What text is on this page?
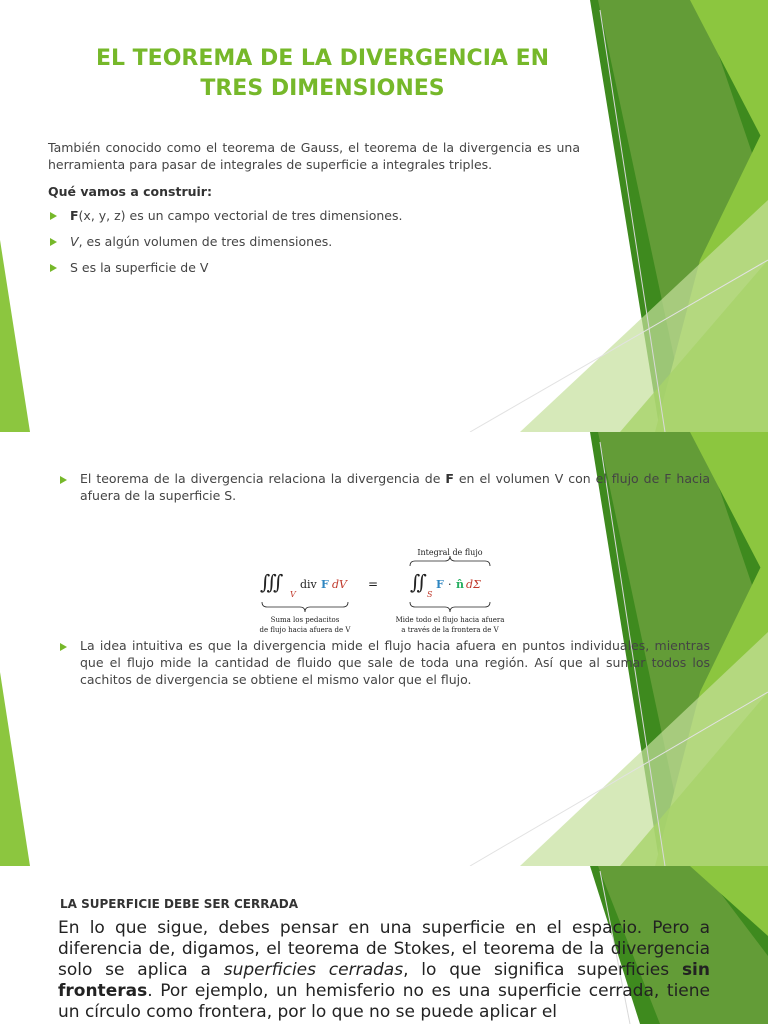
EL TEOREMA DE LA DIVERGENCIA EN
TRES DIMENSIONES
También conocido como el teorema de Gauss, el teorema de la divergencia es una herramienta para pasar de integrales de superficie a integrales triples.
Qué vamos a construir:
F(x, y, z) es un campo vectorial de tres dimensiones.
V, es algún volumen de tres dimensiones.
S es la superficie de V
El teorema de la divergencia relaciona la divergencia de F en el volumen V con el flujo de F hacia afuera de la superficie S.
Integral de flujo
∭
V
div F dV = ∬
S
F · n̂ dΣ
Suma los pedacitos
de flujo hacia afuera de V
Mide todo el flujo hacia afuera
a través de la frontera de V
La idea intuitiva es que la divergencia mide el flujo hacia afuera en puntos individuales, mientras que el flujo mide la cantidad de fluido que sale de toda una región. Así que al sumar todos los cachitos de divergencia se obtiene el mismo valor que el flujo.
LA SUPERFICIE DEBE SER CERRADA
En lo que sigue, debes pensar en una superficie en el espacio. Pero a diferencia de, digamos, el teorema de Stokes, el teorema de la divergencia solo se aplica a superficies cerradas, lo que significa superficies sin fronteras. Por ejemplo, un hemisferio no es una superficie cerrada, tiene un círculo como frontera, por lo que no se puede aplicar el
